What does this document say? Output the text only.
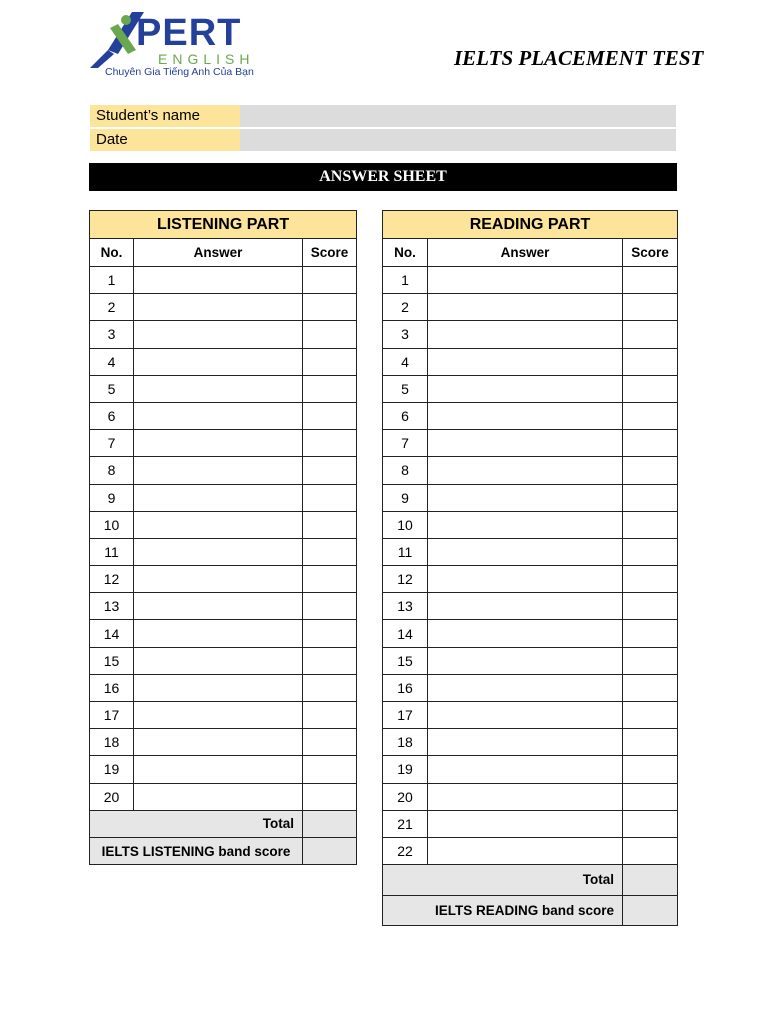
PERT
ENGLISH
Chuyên Gia Tiếng Anh Của Bạn
IELTS PLACEMENT TEST
Student’s name
Date
ANSWER SHEET
LISTENING PART		
No.	Answer	Score
1		
2		
3		
4		
5		
6		
7		
8		
9		
10		
11		
12		
13		
14		
15		
16		
17		
18		
19		
20		
Total		
IELTS LISTENING band score		
READING PART		
No.	Answer	Score
1		
2		
3		
4		
5		
6		
7		
8		
9		
10		
11		
12		
13		
14		
15		
16		
17		
18		
19		
20		
21		
22		
Total		
IELTS READING band score		
